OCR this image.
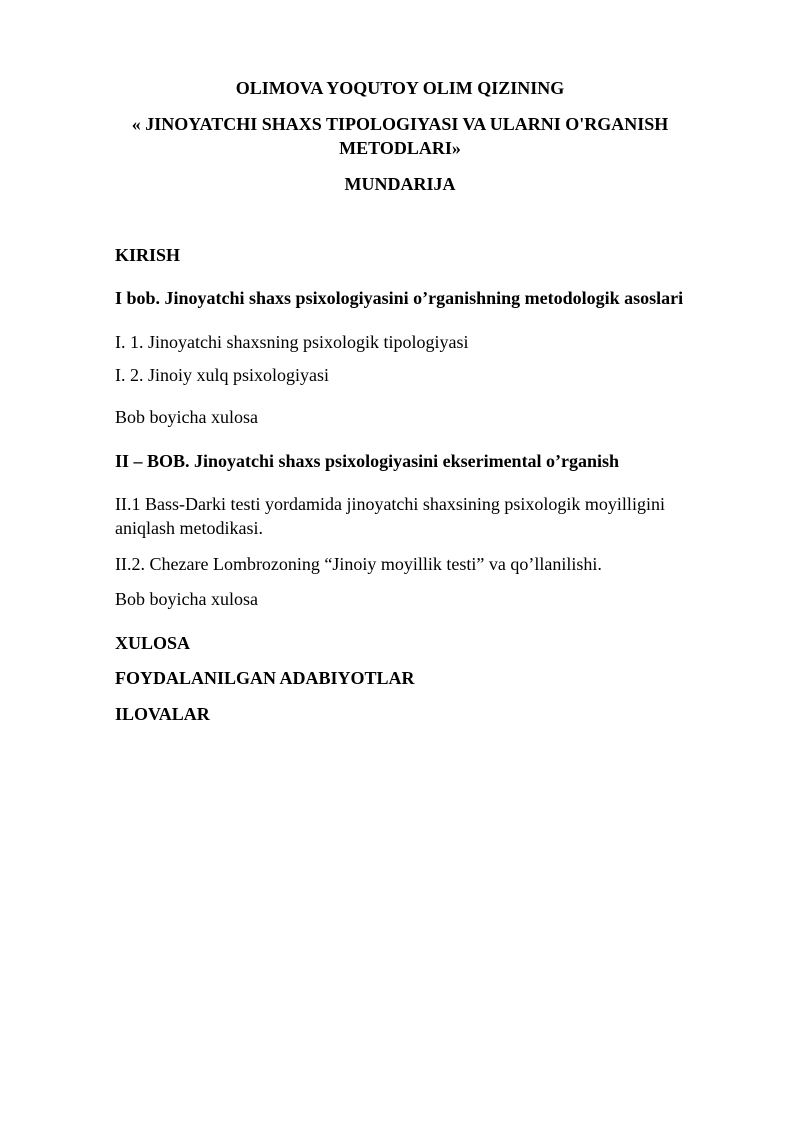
OLIMOVA YOQUTOY OLIM QIZINING
« JINOYATCHI SHAXS TIPOLOGIYASI VA ULARNI O'RGANISH
METODLARI»
MUNDARIJA
KIRISH
I bob. Jinoyatchi shaxs psixologiyasini o’rganishning metodologik asoslari
I. 1. Jinoyatchi shaxsning psixologik tipologiyasi
I. 2. Jinoiy xulq psixologiyasi
Bob boyicha xulosa
II – BOB. Jinoyatchi shaxs psixologiyasini ekserimental o’rganish
II.1 Bass-Darki testi yordamida jinoyatchi shaxsining psixologik moyilligini
aniqlash metodikasi.
II.2. Chezare Lombrozoning “Jinoiy moyillik testi” va qo’llanilishi.
Bob boyicha xulosa
XULOSA
FOYDALANILGAN ADABIYOTLAR
ILOVALAR
